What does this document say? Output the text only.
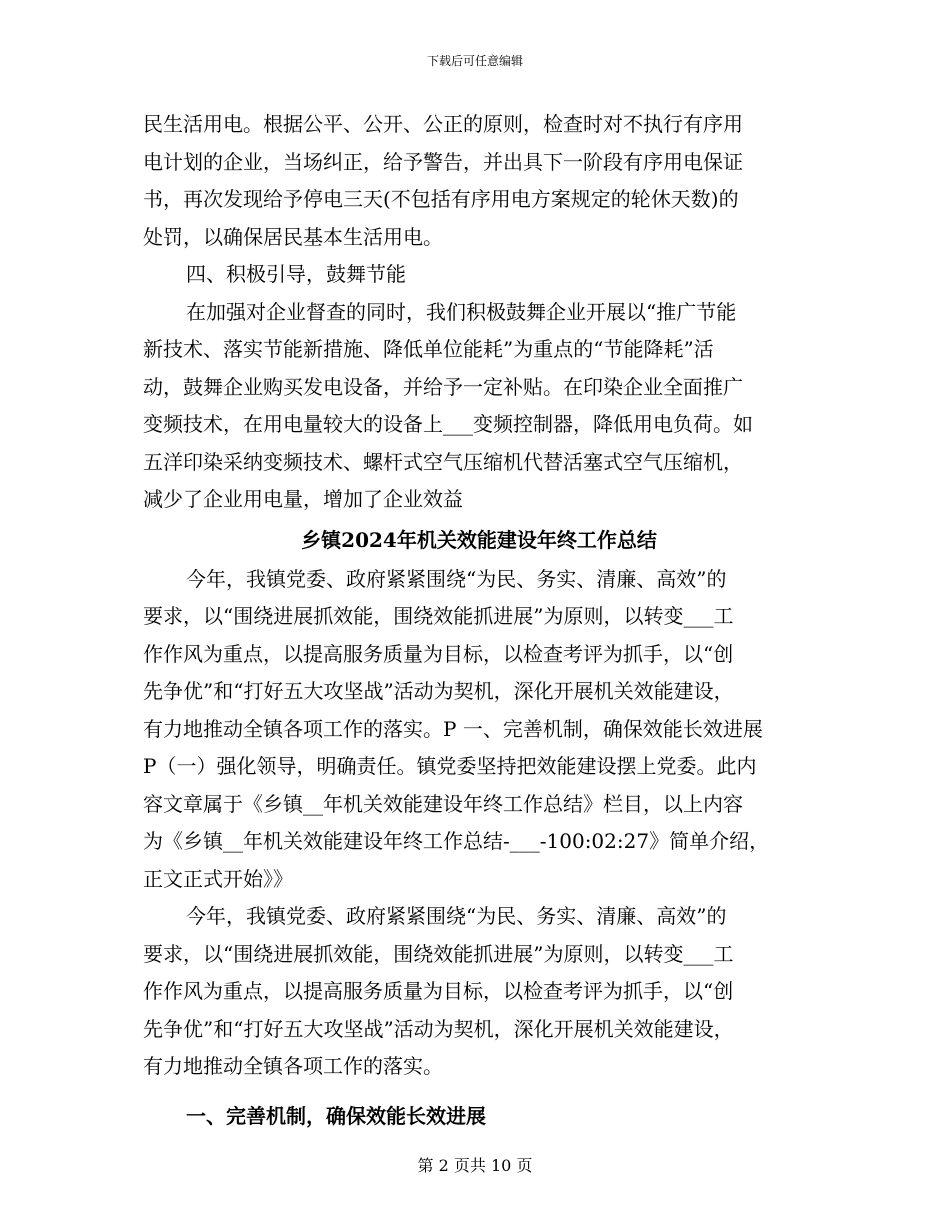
下载后可任意编辑
民生活用电。根据公平、公开、公正的原则，检查时对不执行有序用
电计划的企业，当场纠正，给予警告，并出具下一阶段有序用电保证
书，再次发现给予停电三天(不包括有序用电方案规定的轮休天数)的
处罚，以确保居民基本生活用电。
四、积极引导，鼓舞节能
在加强对企业督查的同时，我们积极鼓舞企业开展以“推广节能
新技术、落实节能新措施、降低单位能耗”为重点的“节能降耗”活
动，鼓舞企业购买发电设备，并给予一定补贴。在印染企业全面推广
变频技术，在用电量较大的设备上___变频控制器，降低用电负荷。如
五洋印染采纳变频技术、螺杆式空气压缩机代替活塞式空气压缩机，
减少了企业用电量，增加了企业效益
乡镇2024年机关效能建设年终工作总结
今年，我镇党委、政府紧紧围绕“为民、务实、清廉、高效”的
要求，以“围绕进展抓效能，围绕效能抓进展”为原则，以转变___工
作作风为重点，以提高服务质量为目标，以检查考评为抓手，以“创
先争优”和“打好五大攻坚战”活动为契机，深化开展机关效能建设，
有力地推动全镇各项工作的落实。P 一、完善机制，确保效能长效进展
P（一）强化领导，明确责任。镇党委坚持把效能建设摆上党委。此内
容文章属于《乡镇__年机关效能建设年终工作总结》栏目，以上内容
为《乡镇__年机关效能建设年终工作总结-___-100:02:27》简单介绍，
正文正式开始》》
今年，我镇党委、政府紧紧围绕“为民、务实、清廉、高效”的
要求，以“围绕进展抓效能，围绕效能抓进展”为原则，以转变___工
作作风为重点，以提高服务质量为目标，以检查考评为抓手，以“创
先争优”和“打好五大攻坚战”活动为契机，深化开展机关效能建设，
有力地推动全镇各项工作的落实。
一、完善机制，确保效能长效进展
第 2 页共 10 页
